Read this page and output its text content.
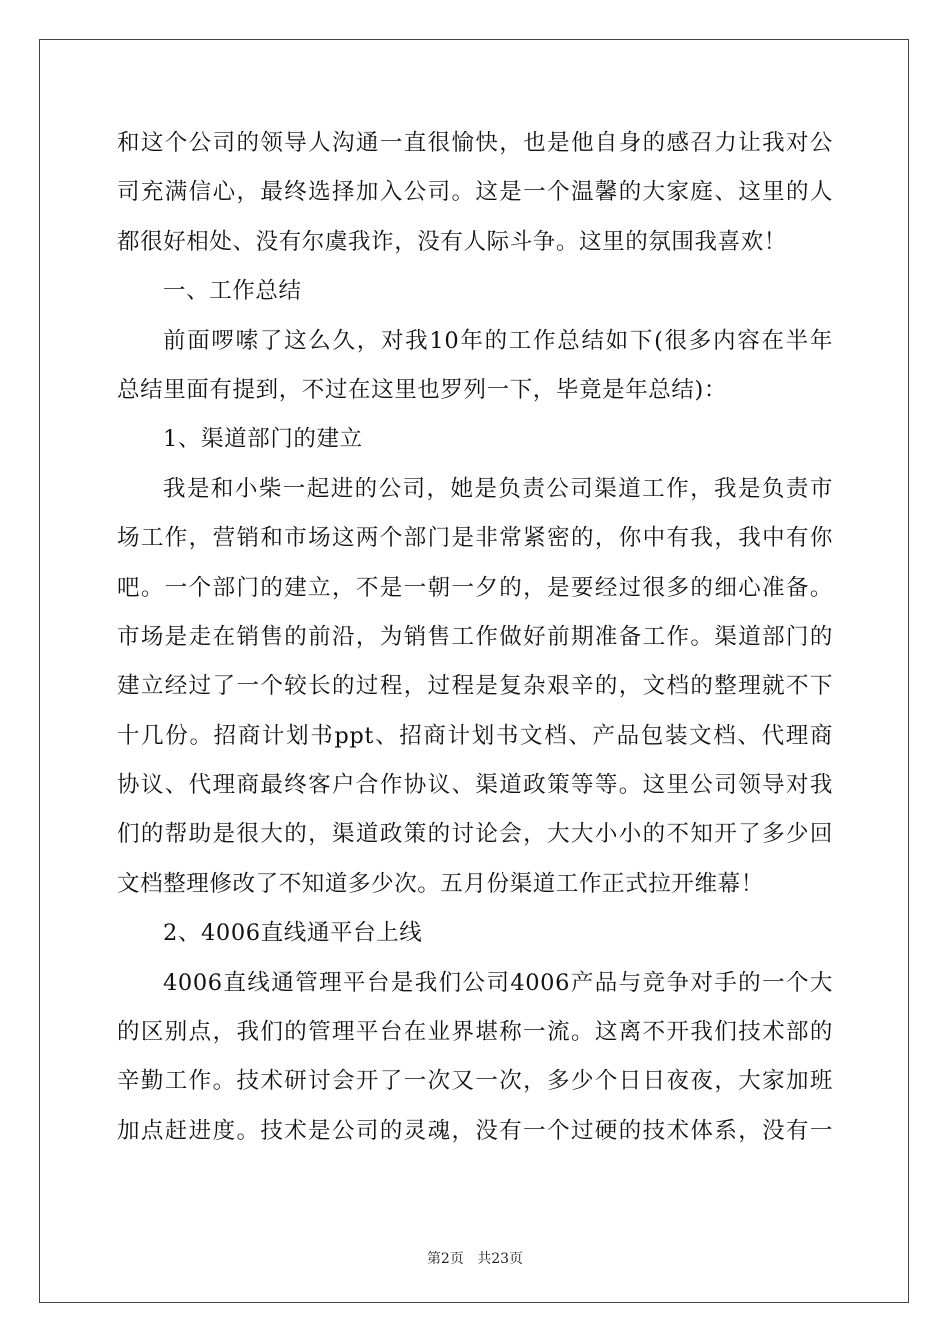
和这个公司的领导人沟通一直很愉快，也是他自身的感召力让我对公
司充满信心，最终选择加入公司。这是一个温馨的大家庭、这里的人
都很好相处、没有尔虞我诈，没有人际斗争。这里的氛围我喜欢！
一、工作总结
前面啰嗦了这么久，对我10年的工作总结如下(很多内容在半年
总结里面有提到，不过在这里也罗列一下，毕竟是年总结)：
1、渠道部门的建立
我是和小柴一起进的公司，她是负责公司渠道工作，我是负责市
场工作，营销和市场这两个部门是非常紧密的，你中有我，我中有你
吧。一个部门的建立，不是一朝一夕的，是要经过很多的细心准备。
市场是走在销售的前沿，为销售工作做好前期准备工作。渠道部门的
建立经过了一个较长的过程，过程是复杂艰辛的，文档的整理就不下
十几份。招商计划书ppt、招商计划书文档、产品包装文档、代理商
协议、代理商最终客户合作协议、渠道政策等等。这里公司领导对我
们的帮助是很大的，渠道政策的讨论会，大大小小的不知开了多少回
文档整理修改了不知道多少次。五月份渠道工作正式拉开维幕！
2、4006直线通平台上线
4006直线通管理平台是我们公司4006产品与竞争对手的一个大
的区别点，我们的管理平台在业界堪称一流。这离不开我们技术部的
辛勤工作。技术研讨会开了一次又一次，多少个日日夜夜，大家加班
加点赶进度。技术是公司的灵魂，没有一个过硬的技术体系，没有一
第2页 共23页
